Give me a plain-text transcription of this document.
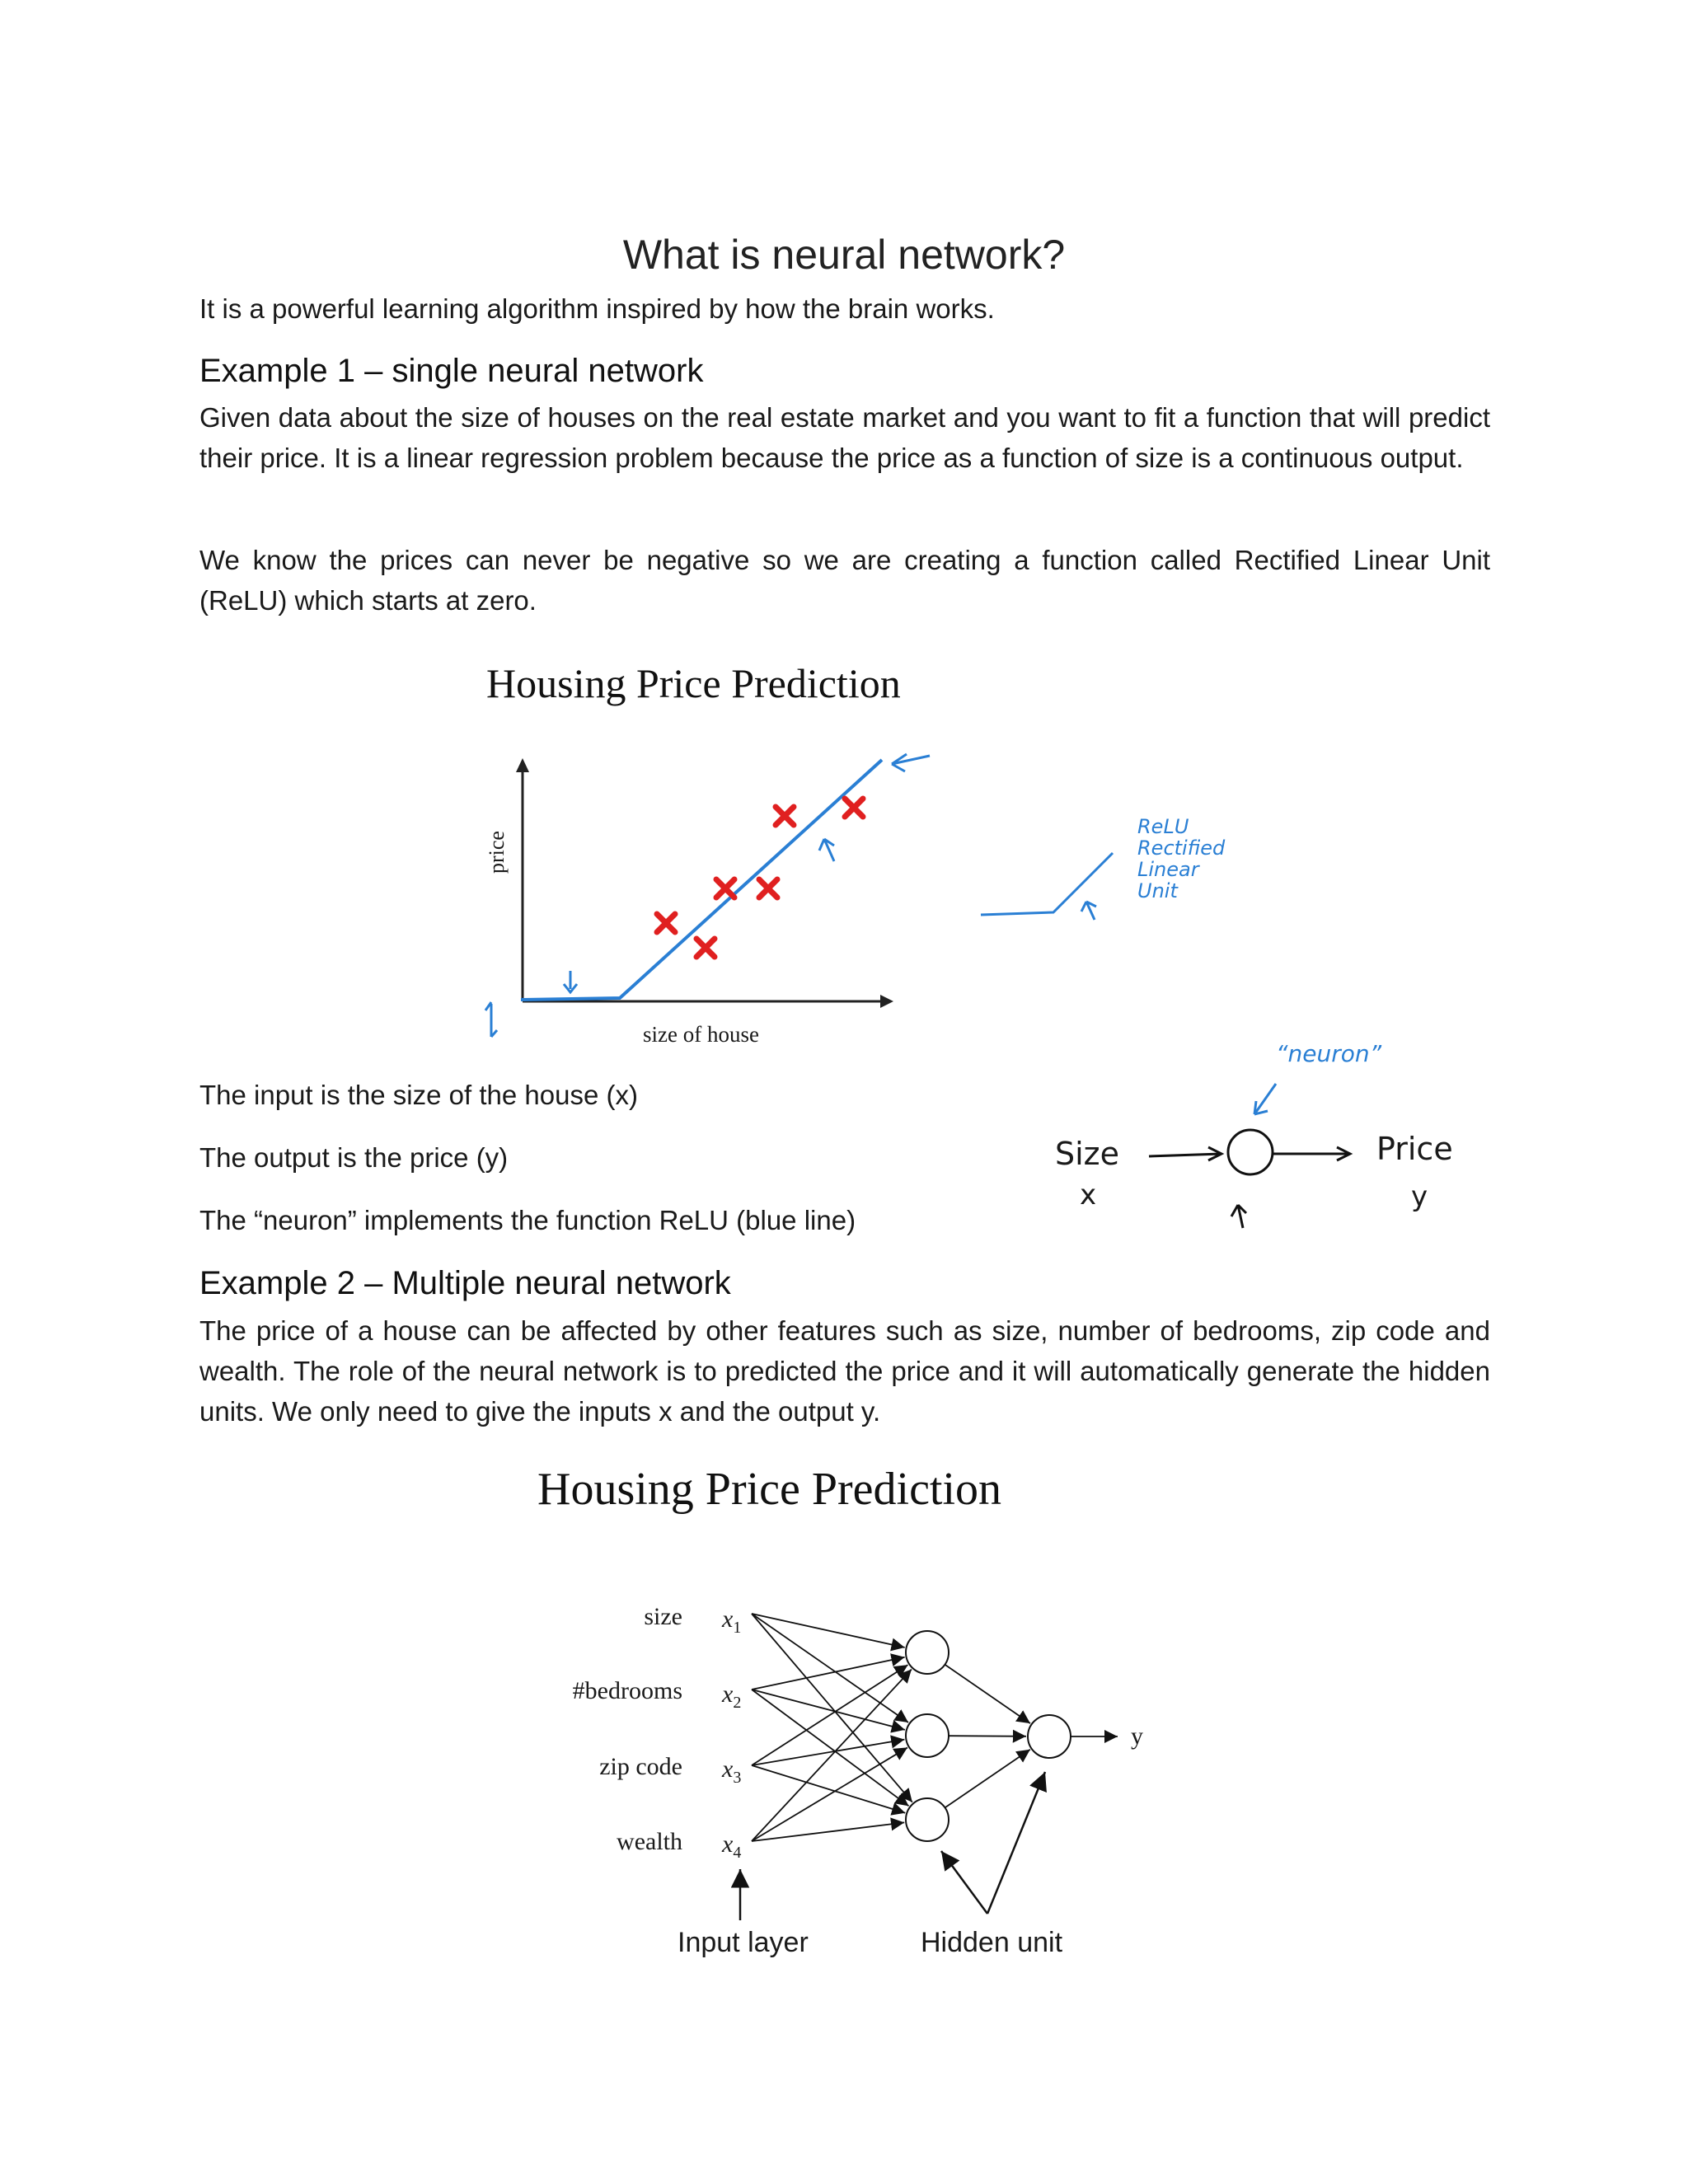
What is neural network?
It is a powerful learning algorithm inspired by how the brain works.
Example 1 – single neural network
Given data about the size of houses on the real estate market and you want to fit a function that will predict their price. It is a linear regression problem because the price as a function of size is a continuous output.
We know the prices can never be negative so we are creating a function called Rectified Linear Unit (ReLU) which starts at zero.
Housing Price Prediction
price
size of house
ReLU
Rectified
Linear
Unit
“neuron”
Size
x
Price
y
The input is the size of the house (x)
The output is the price (y)
The “neuron” implements the function ReLU (blue line)
Example 2 – Multiple neural network
The price of a house can be affected by other features such as size, number of bedrooms, zip code and wealth. The role of the neural network is to predicted the price and it will automatically generate the hidden units. We only need to give the inputs x and the output y.
Housing Price Prediction
size
#bedrooms
zip code
wealth
$x_1$
$x_2$
$x_3$
$x_4$
y
Input layer	Hidden unit
